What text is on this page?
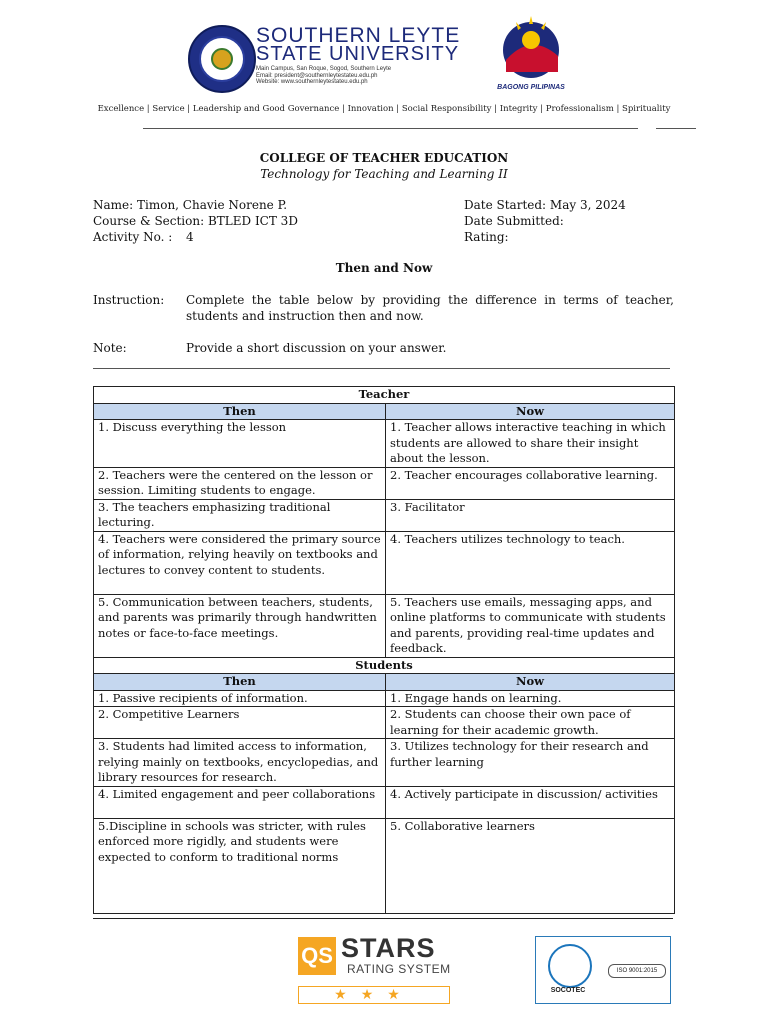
SOUTHERN LEYTE
STATE UNIVERSITY
Main Campus, San Roque, Sogod, Southern Leyte
Email: president@southernleytestateu.edu.ph
Website: www.southernleytestateu.edu.ph
BAGONG PILIPINAS
Excellence | Service | Leadership and Good Governance | Innovation | Social Responsibility | Integrity | Professionalism | Spirituality
COLLEGE OF TEACHER EDUCATION
Technology for Teaching and Learning II
Name: Timon, Chavie Norene P.
Course & Section: BTLED ICT 3D
Activity No. : 4
Date Started: May 3, 2024
Date Submitted:
Rating:
Then and Now
Instruction: Complete the table below by providing the difference in terms of teacher, students and instruction then and now.
Note:	Provide a short discussion on your answer.
Teacher	
Then	Now
1. Discuss everything the lesson	1. Teacher allows interactive teaching in which students are allowed to share their insight about the lesson.
2. Teachers were the centered on the lesson or session. Limiting students to engage.	2. Teacher encourages collaborative learning.
3. The teachers emphasizing traditional lecturing.	3. Facilitator
4. Teachers were considered the primary source of information, relying heavily on textbooks and lectures to convey content to students.	4. Teachers utilizes technology to teach.
5. Communication between teachers, students, and parents was primarily through handwritten notes or face-to-face meetings.	5. Teachers use emails, messaging apps, and online platforms to communicate with students and parents, providing real-time updates and feedback.
Students	
Then	Now
1. Passive recipients of information.	1. Engage hands on learning.
2. Competitive Learners	2. Students can choose their own pace of learning for their academic growth.
3. Students had limited access to information, relying mainly on textbooks, encyclopedias, and library resources for research.	3. Utilizes technology for their research and further learning
4. Limited engagement and peer collaborations	4. Actively participate in discussion/ activities
5.Discipline in schools was stricter, with rules enforced more rigidly, and students were expected to conform to traditional norms	5. Collaborative learners
QS STARS
RATING SYSTEM
★★★	SOCOTEC
ISO 9001:2015
